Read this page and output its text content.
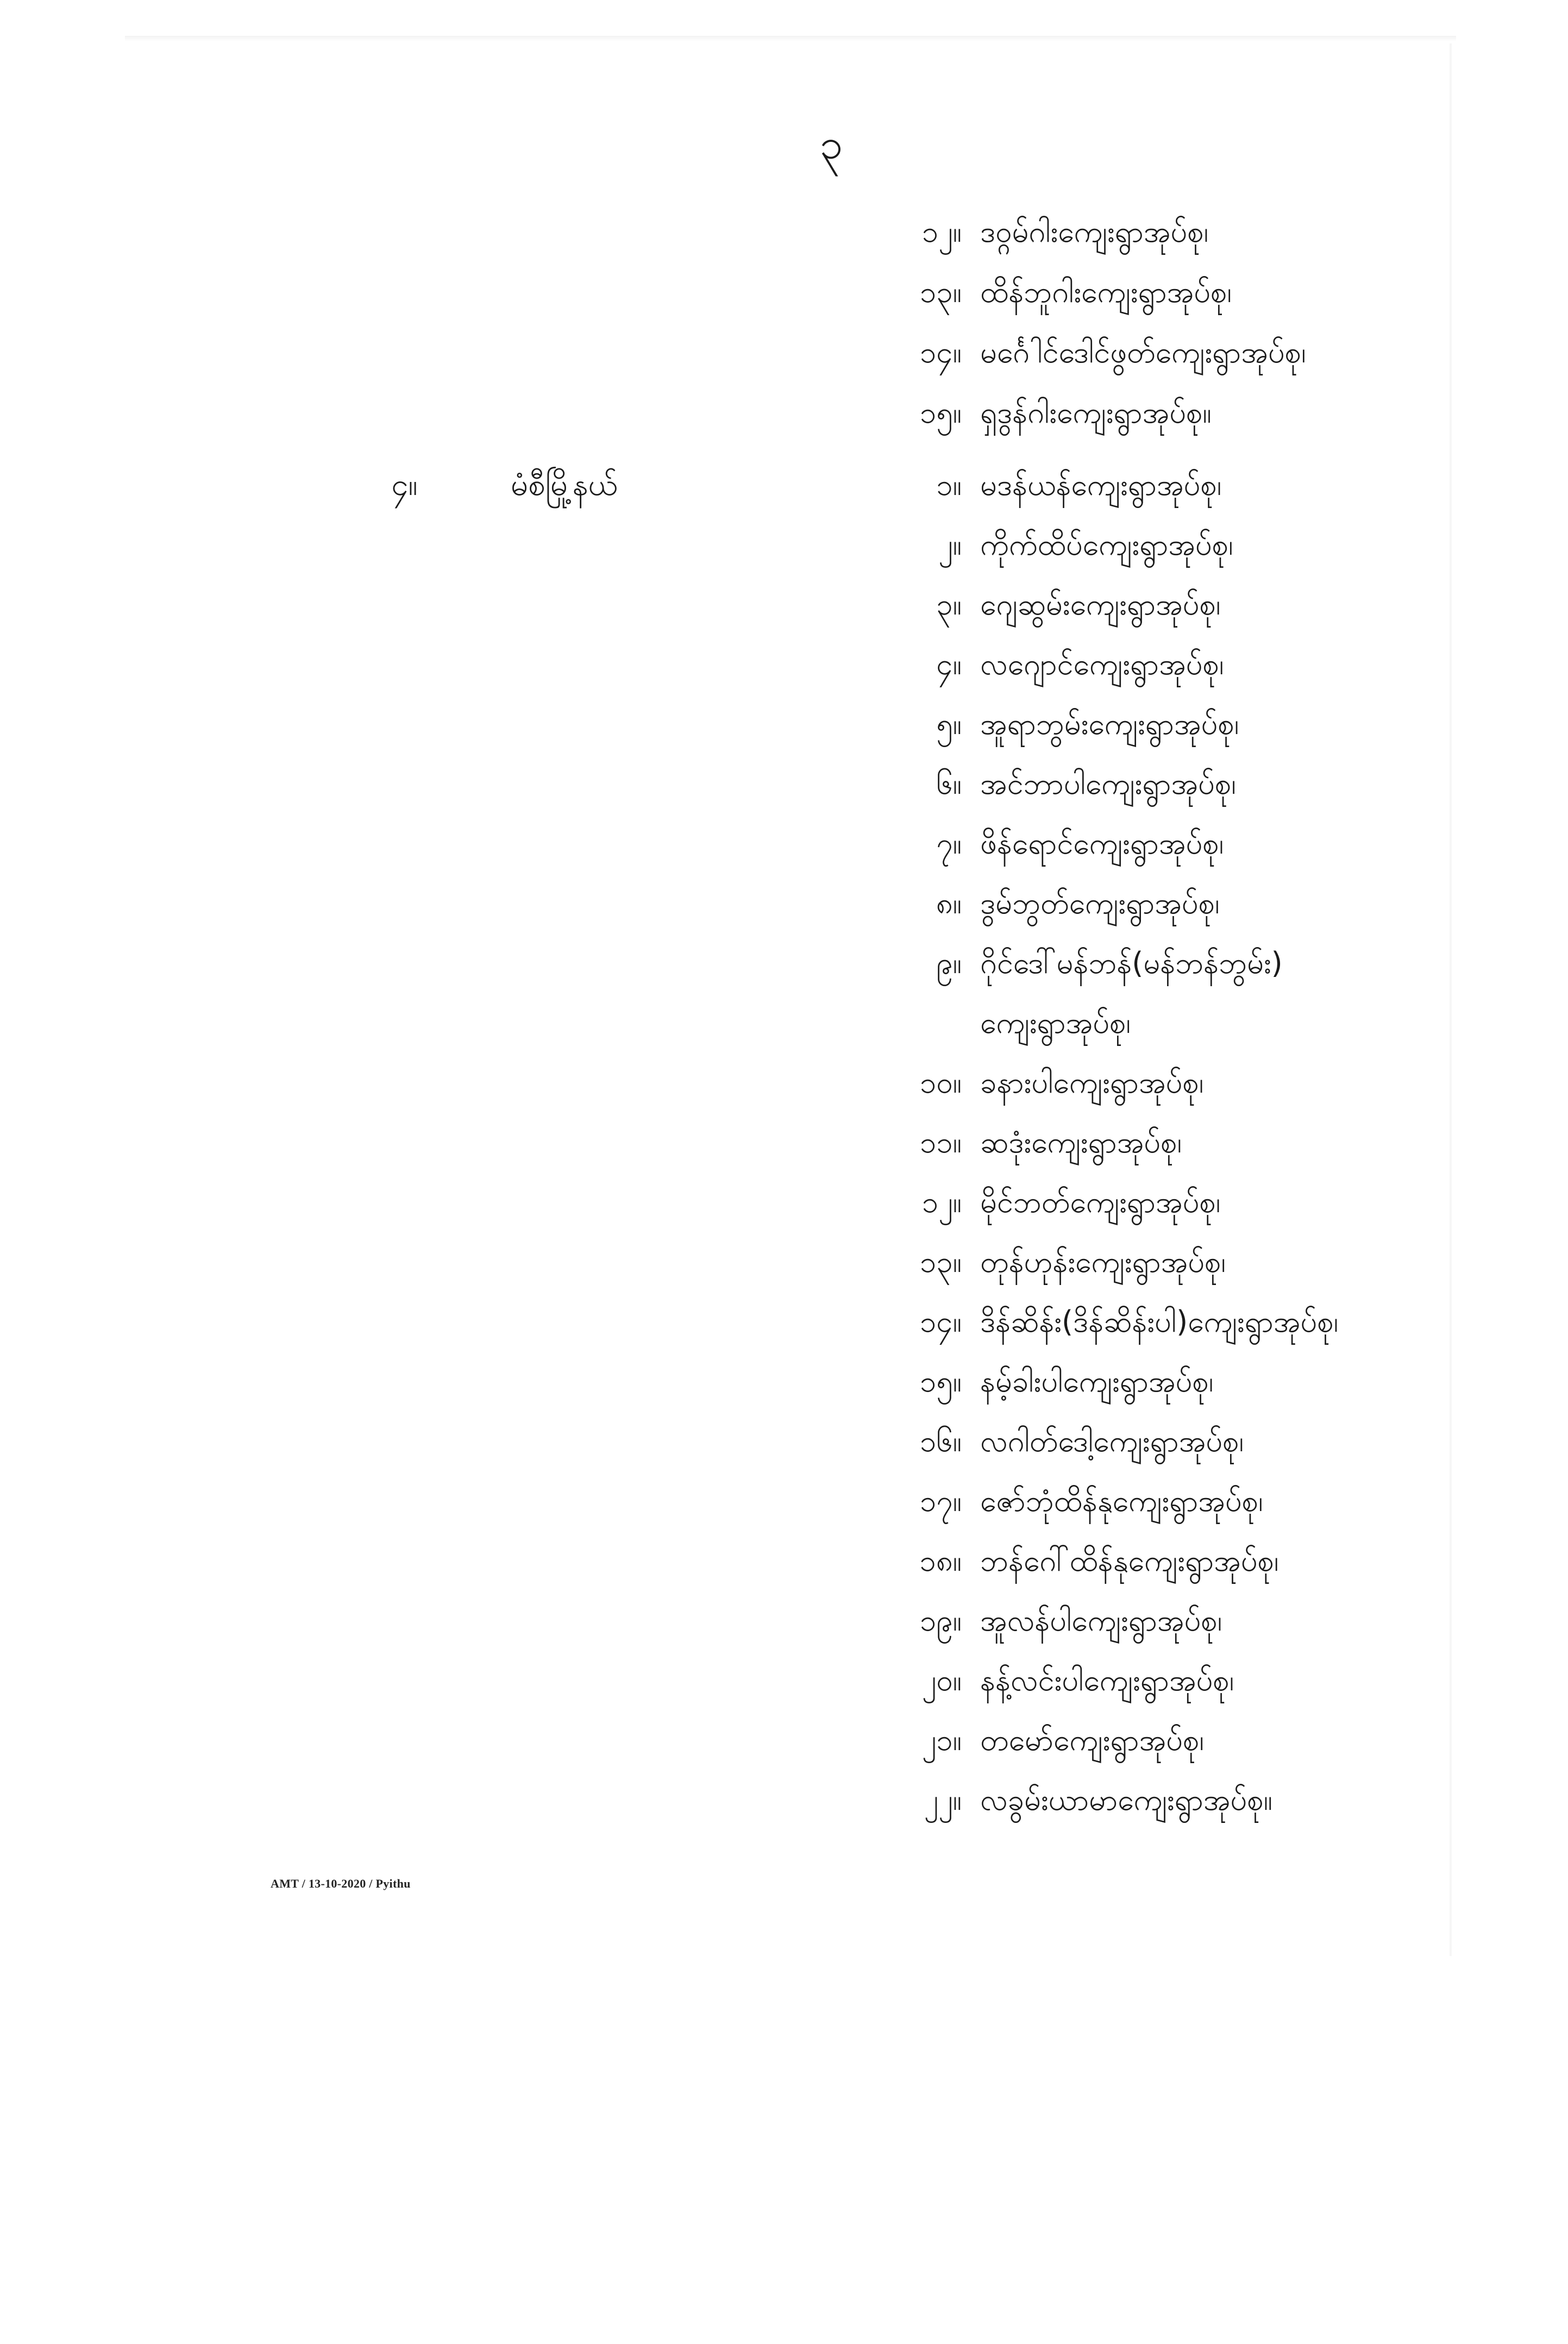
၃
၄။	မံစီမြို့နယ်
၁၂။ ဒဝ္ဂမ်ဂါးကျေးရွာအုပ်စု၊
၁၃။ ထိန်ဘူဂါးကျေးရွာအုပ်စု၊
၁၄။ မင်္ဂေါင်ဒေါင်ဖွတ်ကျေးရွာအုပ်စု၊
၁၅။ ရှဒွန်ဂါးကျေးရွာအုပ်စု။
၁။ မဒန်ယန်ကျေးရွာအုပ်စု၊
၂။ ကိုက်ထိပ်ကျေးရွာအုပ်စု၊
၃။ ဂျေဆွမ်းကျေးရွာအုပ်စု၊
၄။ လဂျောင်ကျေးရွာအုပ်စု၊
၅။ အူရာဘွမ်းကျေးရွာအုပ်စု၊
၆။ အင်ဘာပါကျေးရွာအုပ်စု၊
၇။ ဖိန်ရောင်ကျေးရွာအုပ်စု၊
၈။ ဒွမ်ဘွတ်ကျေးရွာအုပ်စု၊
၉။ ဂိုင်ဒေါ်မန်ဘန်(မန်ဘန်ဘွမ်း)
ကျေးရွာအုပ်စု၊
၁၀။ ခနားပါကျေးရွာအုပ်စု၊
၁၁။ ဆဒုံးကျေးရွာအုပ်စု၊
၁၂။ မိုင်ဘတ်ကျေးရွာအုပ်စု၊
၁၃။ တုန်ဟုန်းကျေးရွာအုပ်စု၊
၁၄။ ဒိန်ဆိန်း(ဒိန်ဆိန်းပါ)ကျေးရွာအုပ်စု၊
၁၅။ နမ့်ခါးပါကျေးရွာအုပ်စု၊
၁၆။ လဂါတ်ဒေါ့ကျေးရွာအုပ်စု၊
၁၇။ ဇော်ဘုံထိန်နုကျေးရွာအုပ်စု၊
၁၈။ ဘန်ဂေါ်ထိန်နုကျေးရွာအုပ်စု၊
၁၉။ အူလန်ပါကျေးရွာအုပ်စု၊
၂၀။ နန့်လင်းပါကျေးရွာအုပ်စု၊
၂၁။ တမော်ကျေးရွာအုပ်စု၊
၂၂။ လခွမ်းယာမာကျေးရွာအုပ်စု။
AMT / 13-10-2020 / Pyithu
